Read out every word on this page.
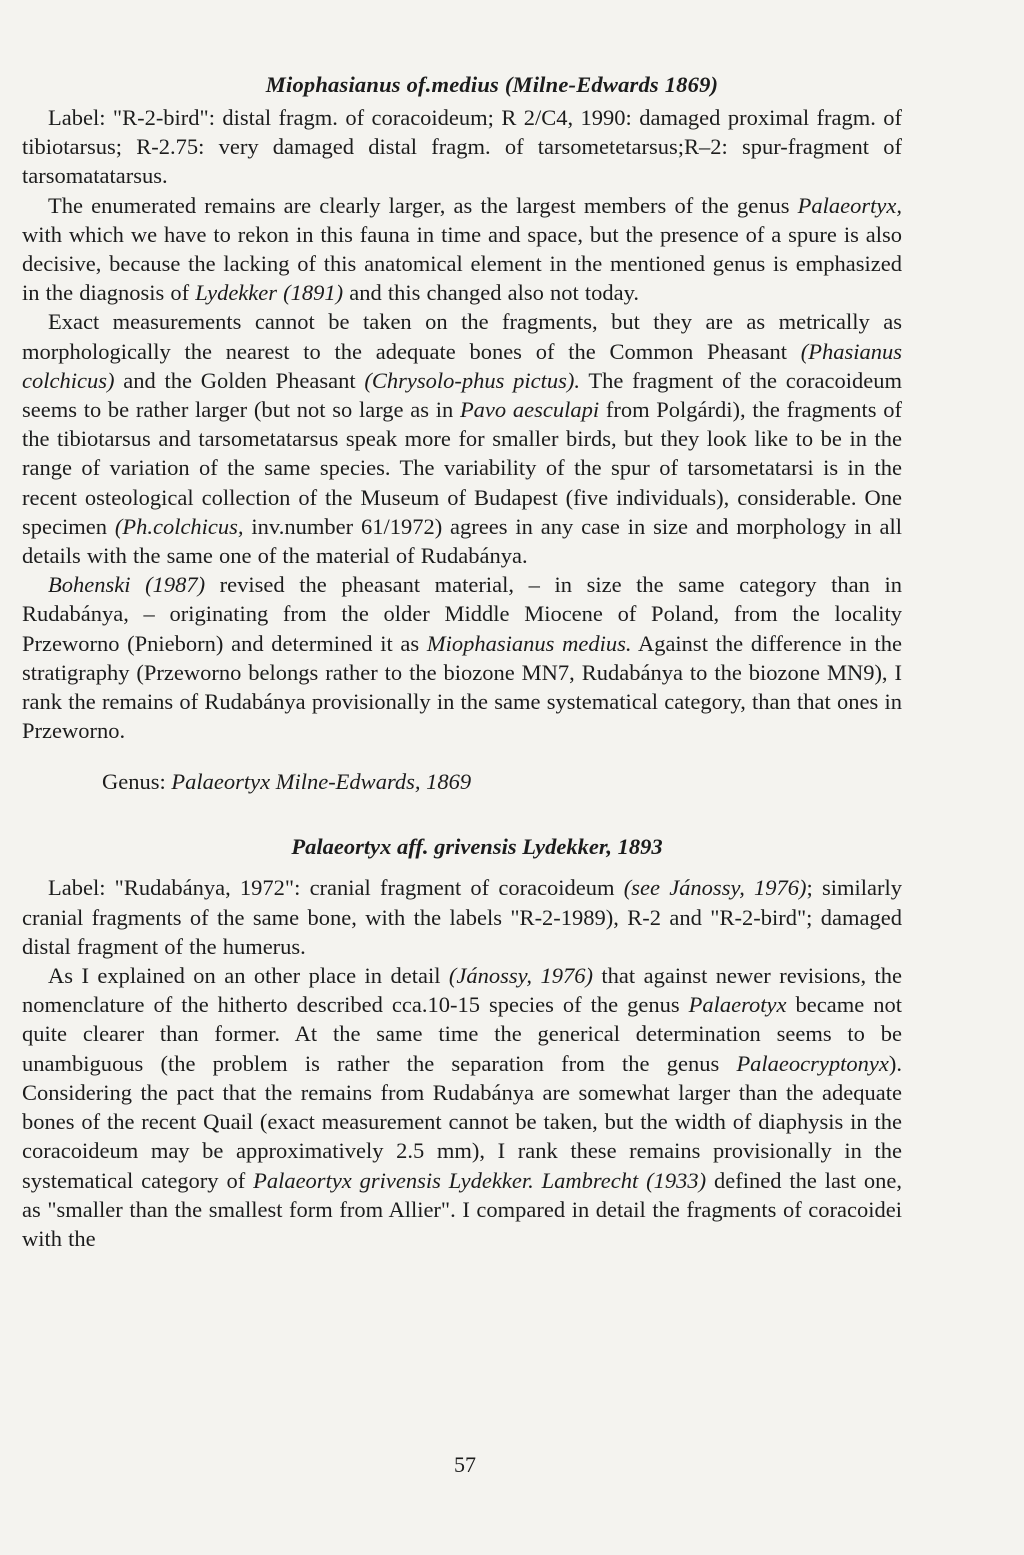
Miophasianus of.medius (Milne-Edwards 1869)

Label: "R-2-bird": distal fragm. of coracoideum; R 2/C4, 1990: damaged proximal fragm. of tibiotarsus; R-2.75: very damaged distal fragm. of tarsometetarsus;R–2: spur-fragment of tarsomatatarsus.

The enumerated remains are clearly larger, as the largest members of the genus Palaeortyx, with which we have to rekon in this fauna in time and space, but the presence of a spure is also decisive, because the lacking of this anatomical element in the mentioned genus is emphasized in the diagnosis of Lydekker (1891) and this changed also not today.

Exact measurements cannot be taken on the fragments, but they are as metrically as morphologically the nearest to the adequate bones of the Common Pheasant (Phasianus colchicus) and the Golden Pheasant (Chrysolo-phus pictus). The fragment of the coracoideum seems to be rather larger (but not so large as in Pavo aesculapi from Polgárdi), the fragments of the tibiotarsus and tarsometatarsus speak more for smaller birds, but they look like to be in the range of variation of the same species. The variability of the spur of tarsometatarsi is in the recent osteological collection of the Museum of Budapest (five individuals), considerable. One specimen (Ph.colchicus, inv.number 61/1972) agrees in any case in size and morphology in all details with the same one of the material of Rudabánya.

Bohenski (1987) revised the pheasant material, – in size the same category than in Rudabánya, – originating from the older Middle Miocene of Poland, from the locality Przeworno (Pnieborn) and determined it as Miophasianus medius. Against the difference in the stratigraphy (Przeworno belongs rather to the biozone MN7, Rudabánya to the biozone MN9), I rank the remains of Rudabánya provisionally in the same systematical category, than that ones in Przeworno.

Genus: Palaeortyx Milne-Edwards, 1869

Palaeortyx aff. grivensis Lydekker, 1893

Label: "Rudabánya, 1972": cranial fragment of coracoideum (see Jánossy, 1976); similarly cranial fragments of the same bone, with the labels "R-2-1989), R-2 and "R-2-bird"; damaged distal fragment of the humerus.

As I explained on an other place in detail (Jánossy, 1976) that against newer revisions, the nomenclature of the hitherto described cca.10-15 species of the genus Palaerotyx became not quite clearer than former. At the same time the generical determination seems to be unambiguous (the problem is rather the separation from the genus Palaeocryptonyx). Considering the pact that the remains from Rudabánya are somewhat larger than the adequate bones of the recent Quail (exact measurement cannot be taken, but the width of diaphysis in the coracoideum may be approximatively 2.5 mm), I rank these remains provisionally in the systematical category of Palaeortyx grivensis Lydekker. Lambrecht (1933) defined the last one, as "smaller than the smallest form from Allier". I compared in detail the fragments of coracoidei with the

57
